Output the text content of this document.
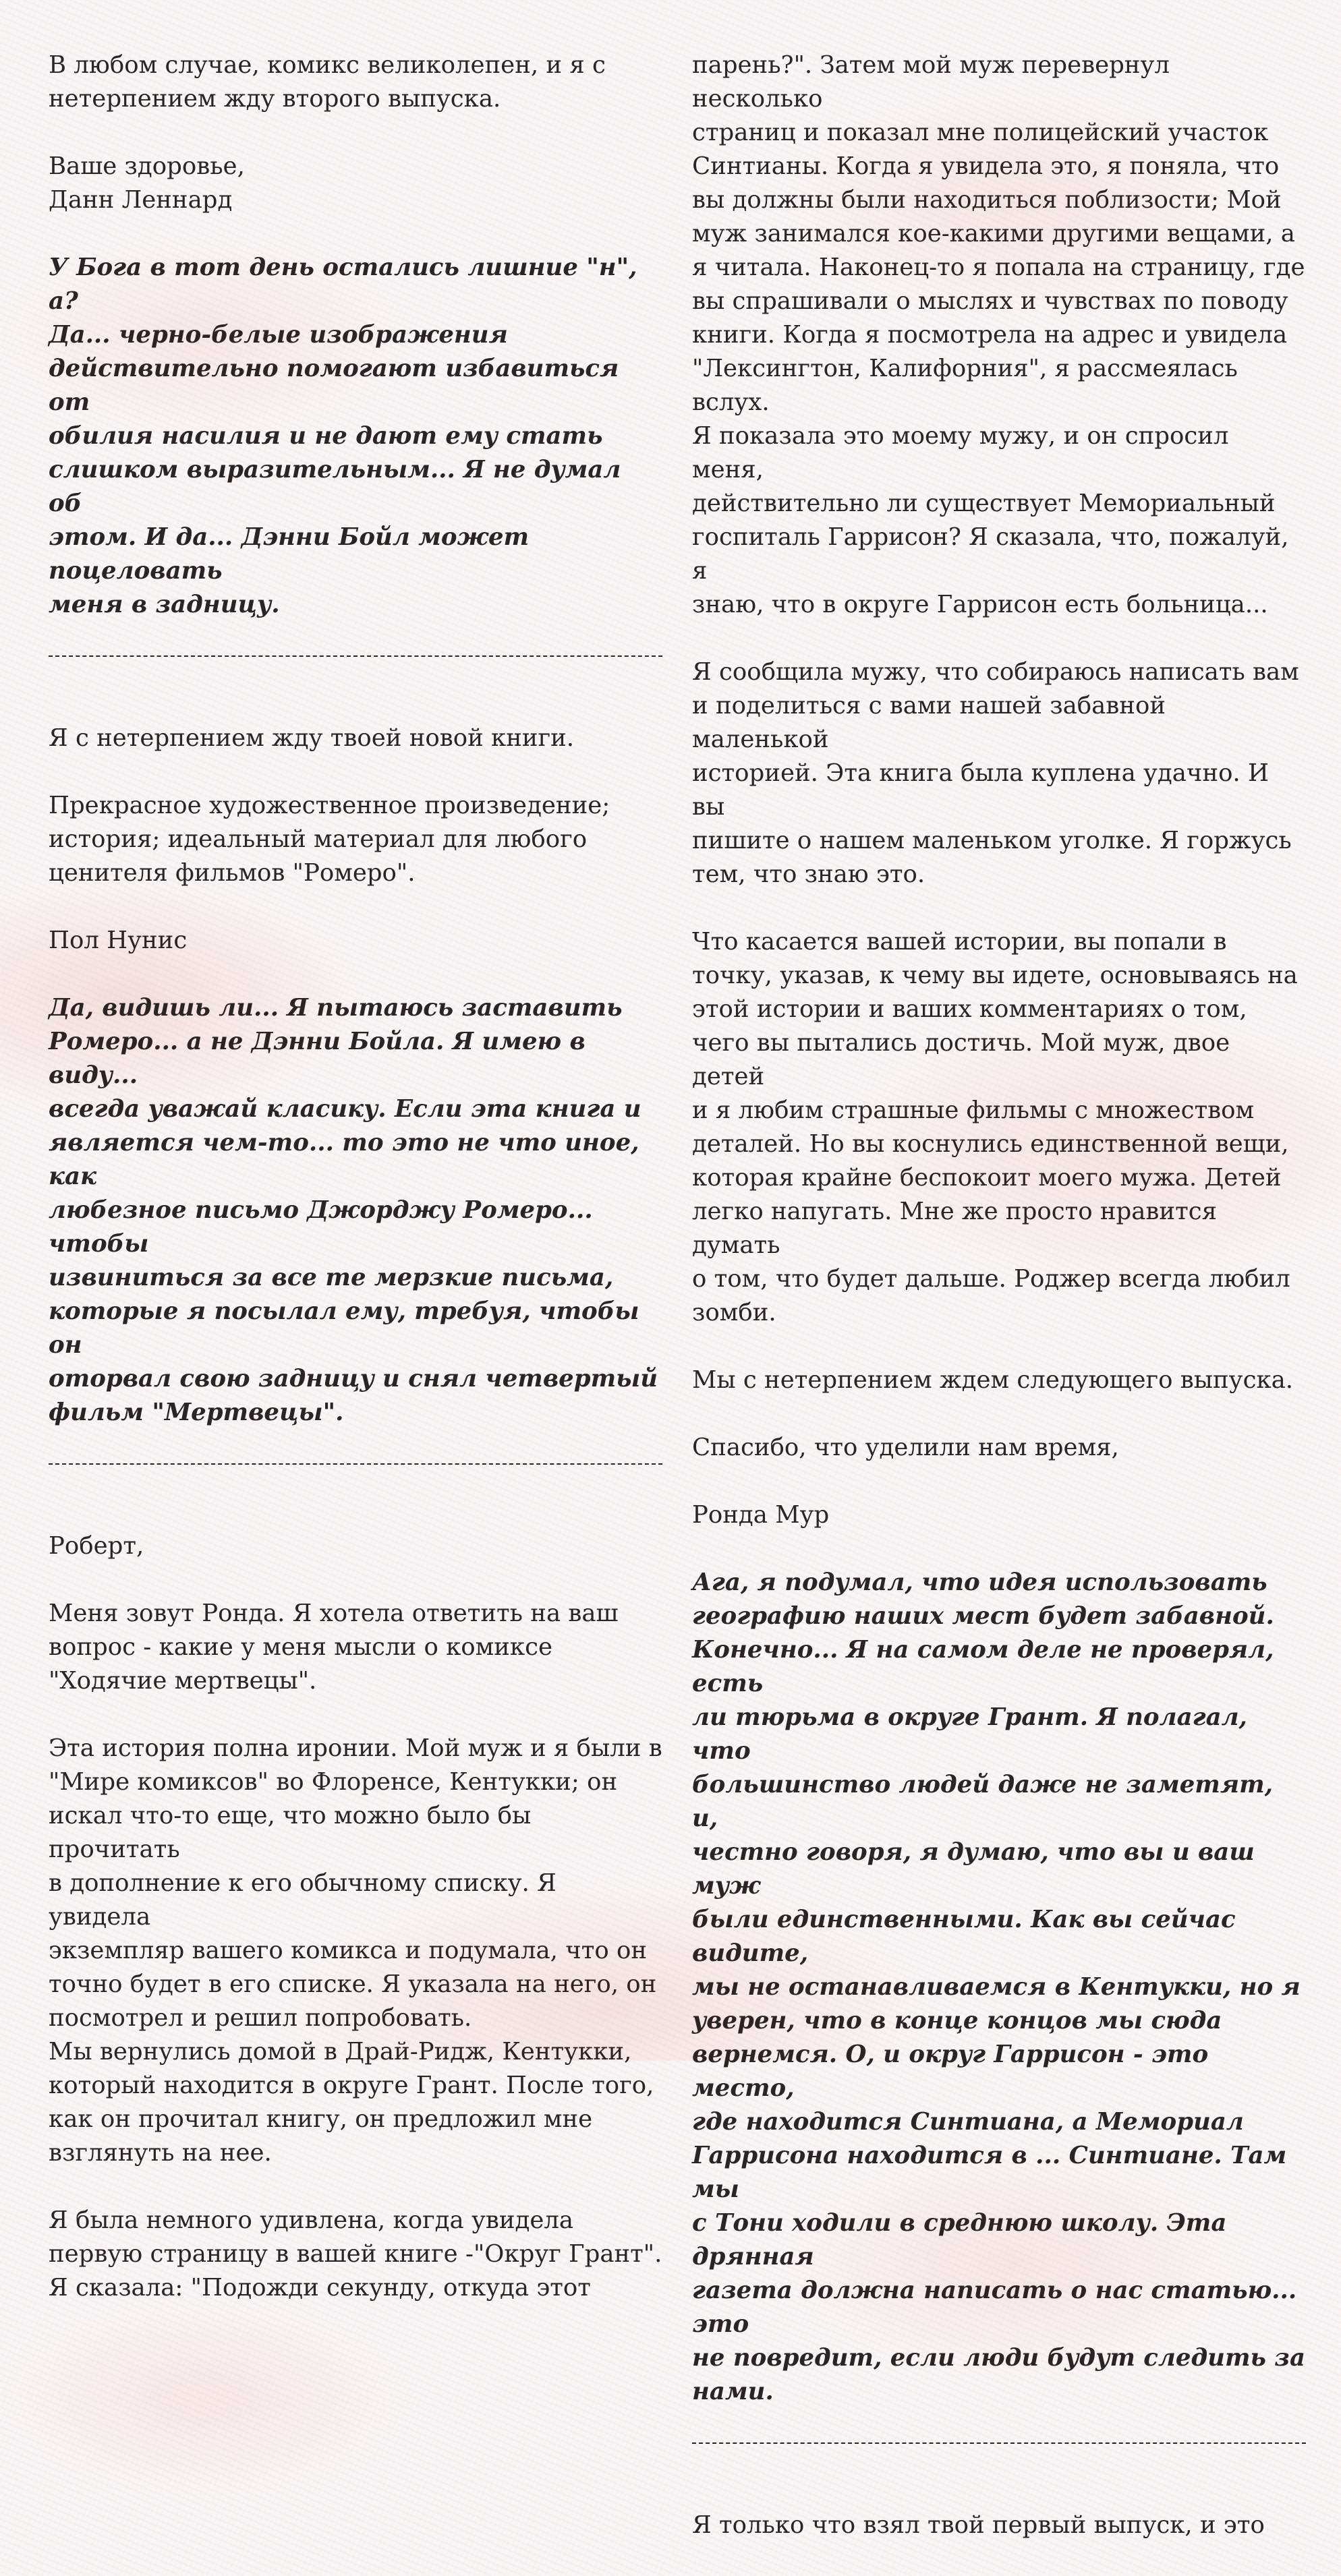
В любом случае, комикс великолепен, и я с
нетерпением жду второго выпуска.

Ваше здоровье,
Данн Леннард

У Бога в тот день остались лишние "н", а?
Да... черно-белые изображения
действительно помогают избавиться от
обилия насилия и не дают ему стать
слишком выразительным... Я не думал об
этом. И да... Дэнни Бойл может поцеловать
меня в задницу.

Я с нетерпением жду твоей новой книги.

Прекрасное художественное произведение;
история; идеальный материал для любого
ценителя фильмов "Ромеро".

Пол Нунис

Да, видишь ли... Я пытаюсь заставить
Ромеро... а не Дэнни Бойла. Я имею в виду...
всегда уважай класику. Если эта книга и
является чем-то... то это не что иное, как
любезное письмо Джорджу Ромеро... чтобы
извиниться за все те мерзкие письма,
которые я посылал ему, требуя, чтобы он
оторвал свою задницу и снял четвертый
фильм "Мертвецы".

Роберт,

Меня зовут Ронда. Я хотела ответить на ваш
вопрос - какие у меня мысли о комиксе
"Ходячие мертвецы".

Эта история полна иронии. Мой муж и я были в
"Мире комиксов" во Флоренсе, Кентукки; он
искал что-то еще, что можно было бы прочитать
в дополнение к его обычному списку. Я увидела
экземпляр вашего комикса и подумала, что он
точно будет в его списке. Я указала на него, он
посмотрел и решил попробовать.

Мы вернулись домой в Драй-Ридж, Кентукки,
который находится в округе Грант. После того,
как он прочитал книгу, он предложил мне
взглянуть на нее.

Я была немного удивлена, когда увидела
первую страницу в вашей книге -"Округ Грант".
Я сказала: "Подожди секунду, откуда этот

парень?". Затем мой муж перевернул несколько
страниц и показал мне полицейский участок
Синтианы. Когда я увидела это, я поняла, что
вы должны были находиться поблизости; Мой
муж занимался кое-какими другими вещами, а
я читала. Наконец-то я попала на страницу, где
вы спрашивали о мыслях и чувствах по поводу
книги. Когда я посмотрела на адрес и увидела
"Лексингтон, Калифорния", я рассмеялась вслух.
Я показала это моему мужу, и он спросил меня,
действительно ли существует Мемориальный
госпиталь Гаррисон? Я сказала, что, пожалуй, я
знаю, что в округе Гаррисон есть больница...

Я сообщила мужу, что собираюсь написать вам
и поделиться с вами нашей забавной маленькой
историей. Эта книга была куплена удачно. И вы
пишите о нашем маленьком уголке. Я горжусь
тем, что знаю это.

Что касается вашей истории, вы попали в
точку, указав, к чему вы идете, основываясь на
этой истории и ваших комментариях о том,
чего вы пытались достичь. Мой муж, двое детей
и я любим страшные фильмы с множеством
деталей. Но вы коснулись единственной вещи,
которая крайне беспокоит моего мужа. Детей
легко напугать. Мне же просто нравится думать
о том, что будет дальше. Роджер всегда любил
зомби.

Мы с нетерпением ждем следующего выпуска.

Спасибо, что уделили нам время,

Ронда Мур

Ага, я подумал, что идея использовать
географию наших мест будет забавной.
Конечно... Я на самом деле не проверял, есть
ли тюрьма в округе Грант. Я полагал, что
большинство людей даже не заметят, и,
честно говоря, я думаю, что вы и ваш муж
были единственными. Как вы сейчас видите,
мы не останавливаемся в Кентукки, но я
уверен, что в конце концов мы сюда
вернемся. О, и округ Гаррисон - это место,
где находится Синтиана, а Мемориал
Гаррисона находится в ... Синтиане. Там мы
с Тони ходили в среднюю школу. Эта дрянная
газета должна написать о нас статью... это
не повредит, если люди будут следить за
нами.

Я только что взял твой первый выпуск, и это
